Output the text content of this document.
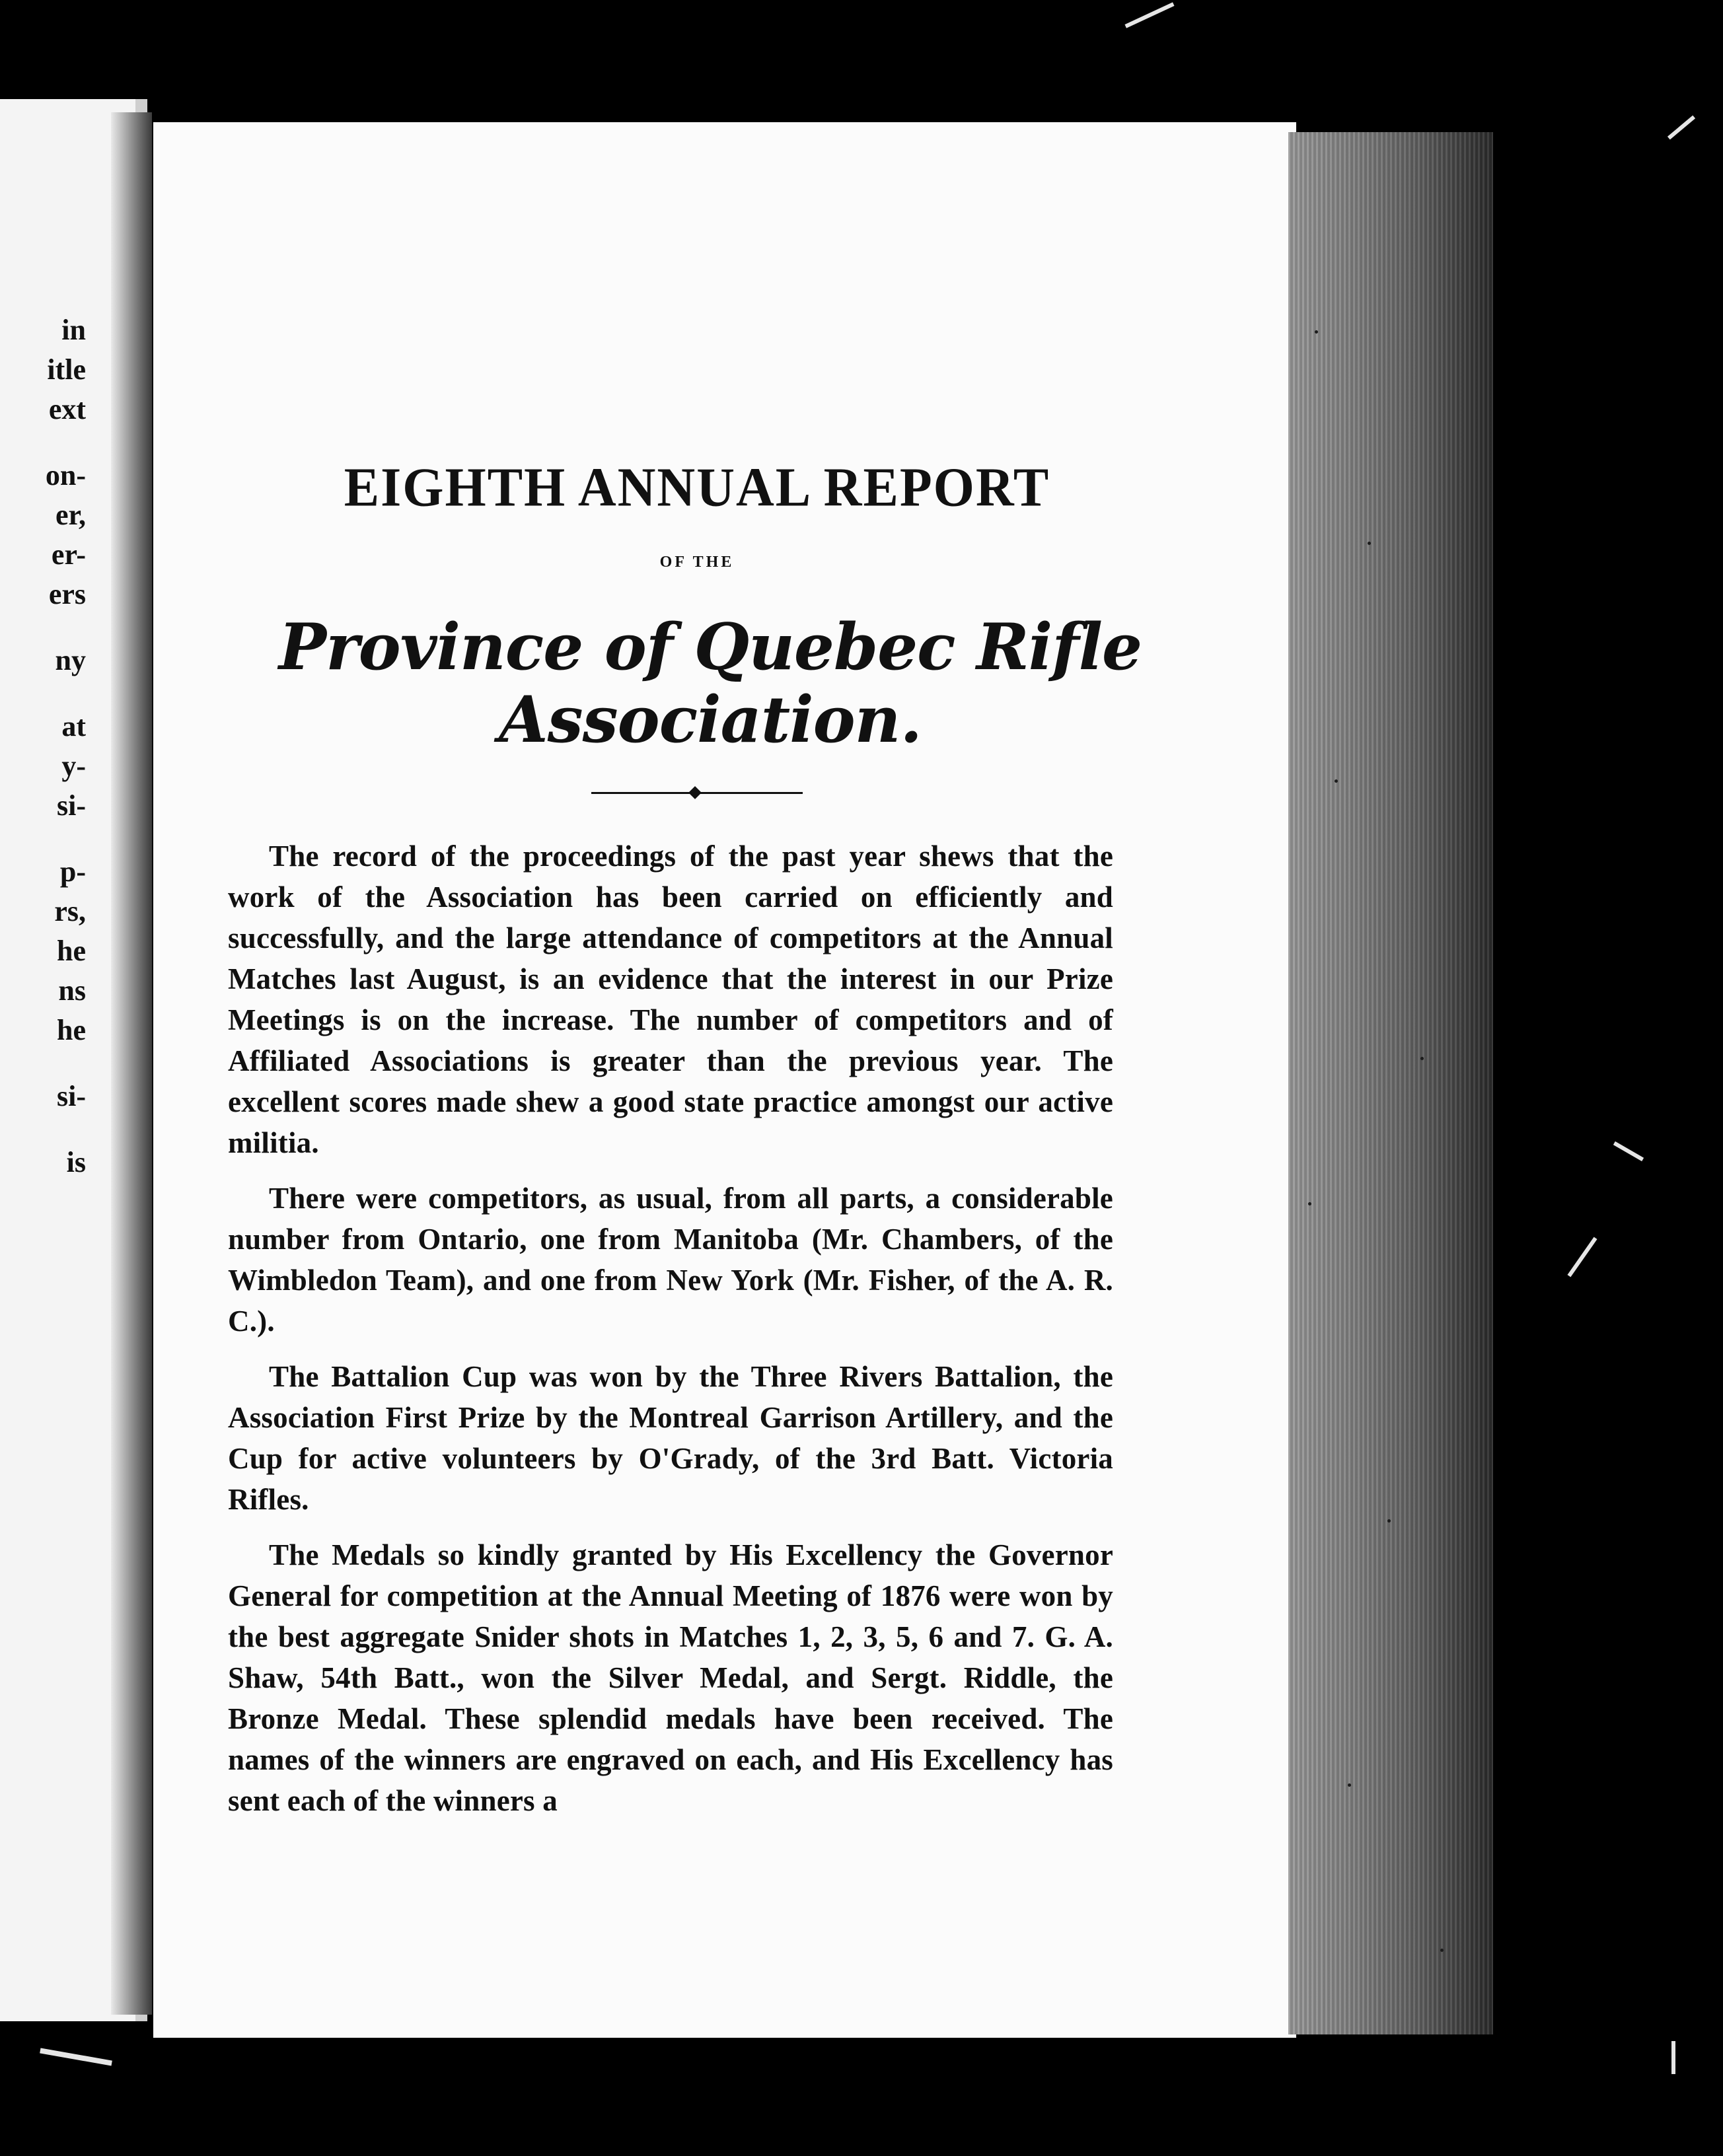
in
itle
ext
on-
er,
er-
ers
ny
at
y-
si-
p-
rs,
he
ns
he
si-
is
EIGHTH ANNUAL REPORT
OF THE
Province of Quebec Rifle Association.

The record of the proceedings of the past year shews that the work of the Association has been carried on efficiently and successfully, and the large attendance of competitors at the Annual Matches last August, is an evidence that the interest in our Prize Meetings is on the increase. The number of competitors and of Affiliated Associations is greater than the previous year. The excellent scores made shew a good state practice amongst our active militia.

There were competitors, as usual, from all parts, a considerable number from Ontario, one from Manitoba (Mr. Chambers, of the Wimbledon Team), and one from New York (Mr. Fisher, of the A. R. C.).

The Battalion Cup was won by the Three Rivers Battalion, the Association First Prize by the Montreal Garrison Artillery, and the Cup for active volunteers by O'Grady, of the 3rd Batt. Victoria Rifles.

The Medals so kindly granted by His Excellency the Governor General for competition at the Annual Meeting of 1876 were won by the best aggregate Snider shots in Matches 1, 2, 3, 5, 6 and 7. G. A. Shaw, 54th Batt., won the Silver Medal, and Sergt. Riddle, the Bronze Medal. These splendid medals have been received. The names of the winners are engraved on each, and His Excellency has sent each of the winners a
